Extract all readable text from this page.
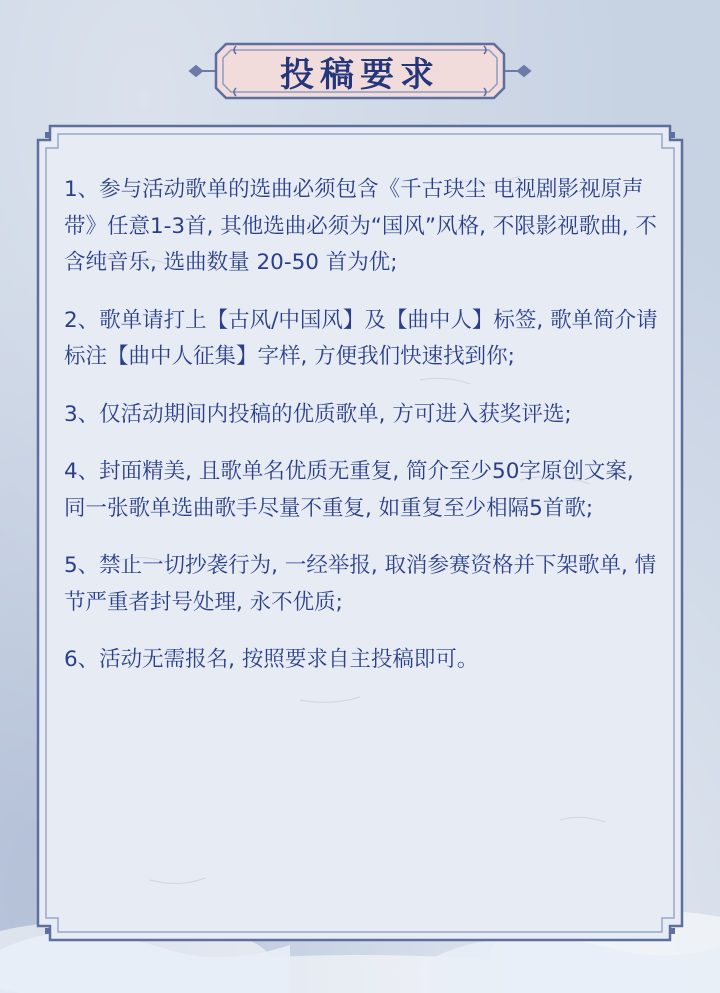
投稿要求

1、参与活动歌单的选曲必须包含《千古玦尘 电视剧影视原声带》任意1-3首, 其他选曲必须为“国风”风格, 不限影视歌曲, 不含纯音乐, 选曲数量 20-50 首为优;

2、歌单请打上【古风/中国风】及【曲中人】标签, 歌单简介请标注【曲中人征集】字样, 方便我们快速找到你;

3、仅活动期间内投稿的优质歌单, 方可进入获奖评选;

4、封面精美, 且歌单名优质无重复, 简介至少50字原创文案, 同一张歌单选曲歌手尽量不重复, 如重复至少相隔5首歌;

5、禁止一切抄袭行为, 一经举报, 取消参赛资格并下架歌单, 情节严重者封号处理, 永不优质;

6、活动无需报名, 按照要求自主投稿即可。
